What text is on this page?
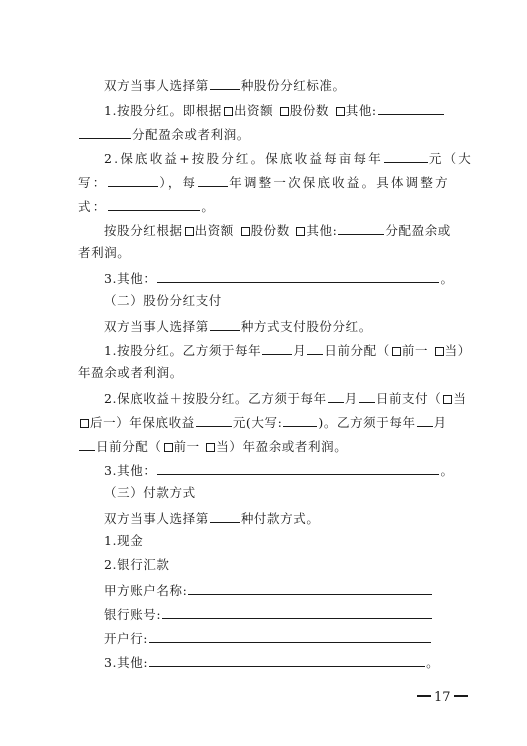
双方当事人选择第	种股份分红标准。
1.按股分红。即根据 出资额 股份数 其他:
分配盈余或者利润。
2.保底收益+按股分红。保底收益每亩每年	元（大
写：	），每	年调整一次保底收益。具体调整方
式：	。
按股分红根据 出资额 股份数 其他:	分配盈余或
者利润。
3.其他：	。
（二）股份分红支付
双方当事人选择第	种方式支付股份分红。
1.按股分红。乙方须于每年	月 日前分配（ 前一 当）
年盈余或者利润。
2.保底收益＋按股分红。乙方须于每年 月 日前支付（ 当
后一）年保底收益	元(大写:	)。乙方须于每年 月
日前分配（ 前一 当）年盈余或者利润。
3.其他：	。
（三）付款方式
双方当事人选择第	种付款方式。
1.现金
2.银行汇款
甲方账户名称:
银行账号:
开户行:
3.其他:	。
17
